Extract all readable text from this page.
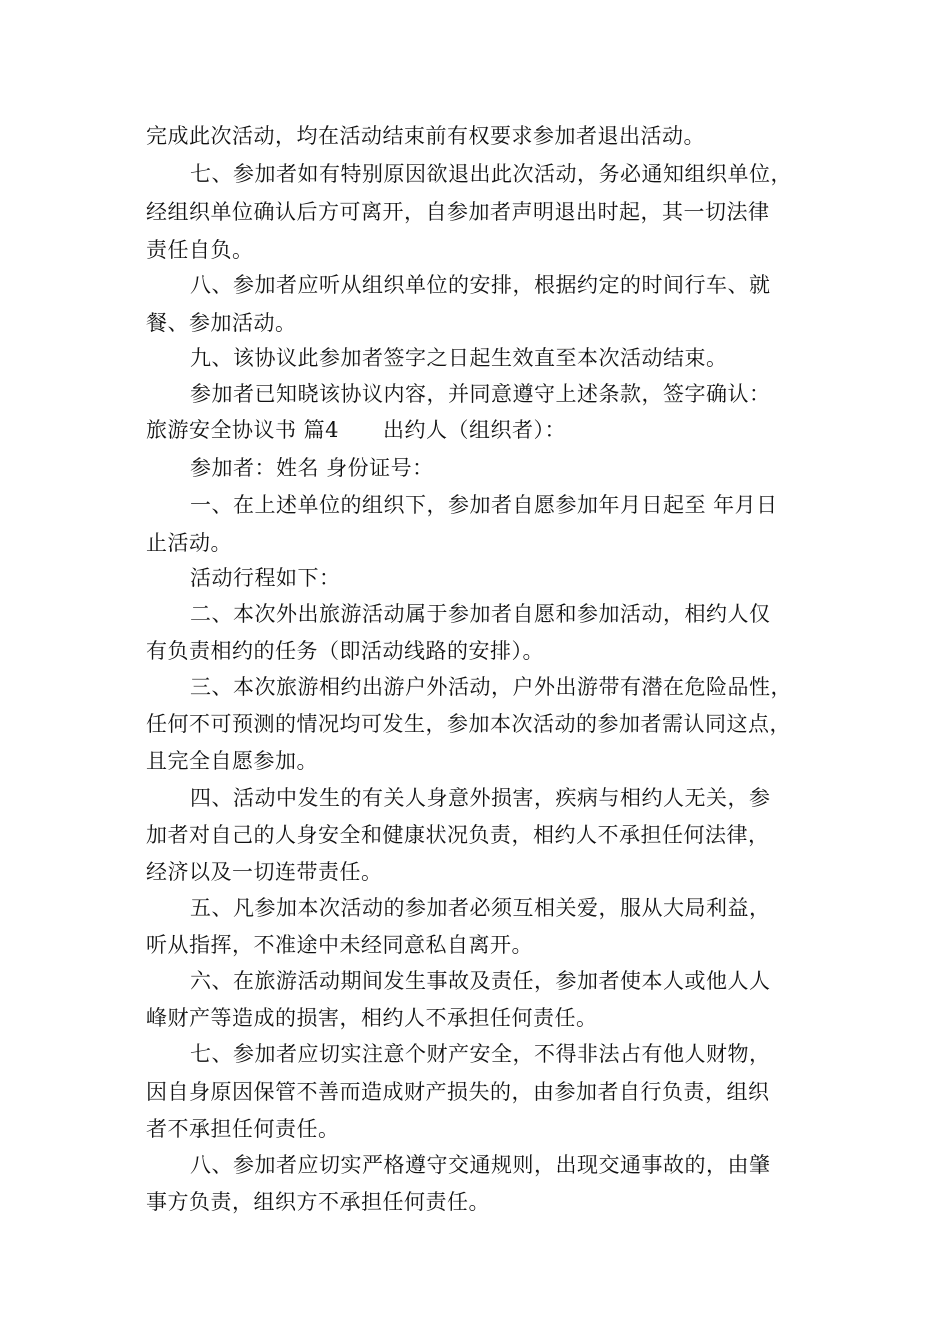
完成此次活动，均在活动结束前有权要求参加者退出活动。
七、参加者如有特别原因欲退出此次活动，务必通知组织单位，
经组织单位确认后方可离开，自参加者声明退出时起，其一切法律
责任自负。
八、参加者应听从组织单位的安排，根据约定的时间行车、就
餐、参加活动。
九、该协议此参加者签字之日起生效直至本次活动结束。
参加者已知晓该协议内容，并同意遵守上述条款，签字确认：
旅游安全协议书 篇4 出约人（组织者）：
参加者：姓名 身份证号：
一、在上述单位的组织下，参加者自愿参加年月日起至 年月日
止活动。
活动行程如下：
二、本次外出旅游活动属于参加者自愿和参加活动，相约人仅
有负责相约的任务（即活动线路的安排）。
三、本次旅游相约出游户外活动，户外出游带有潜在危险品性，
任何不可预测的情况均可发生，参加本次活动的参加者需认同这点，
且完全自愿参加。
四、活动中发生的有关人身意外损害，疾病与相约人无关，参
加者对自己的人身安全和健康状况负责，相约人不承担任何法律，
经济以及一切连带责任。
五、凡参加本次活动的参加者必须互相关爱，服从大局利益，
听从指挥，不准途中未经同意私自离开。
六、在旅游活动期间发生事故及责任，参加者使本人或他人人
峰财产等造成的损害，相约人不承担任何责任。
七、参加者应切实注意个财产安全，不得非法占有他人财物，
因自身原因保管不善而造成财产损失的，由参加者自行负责，组织
者不承担任何责任。
八、参加者应切实严格遵守交通规则，出现交通事故的，由肇
事方负责，组织方不承担任何责任。
